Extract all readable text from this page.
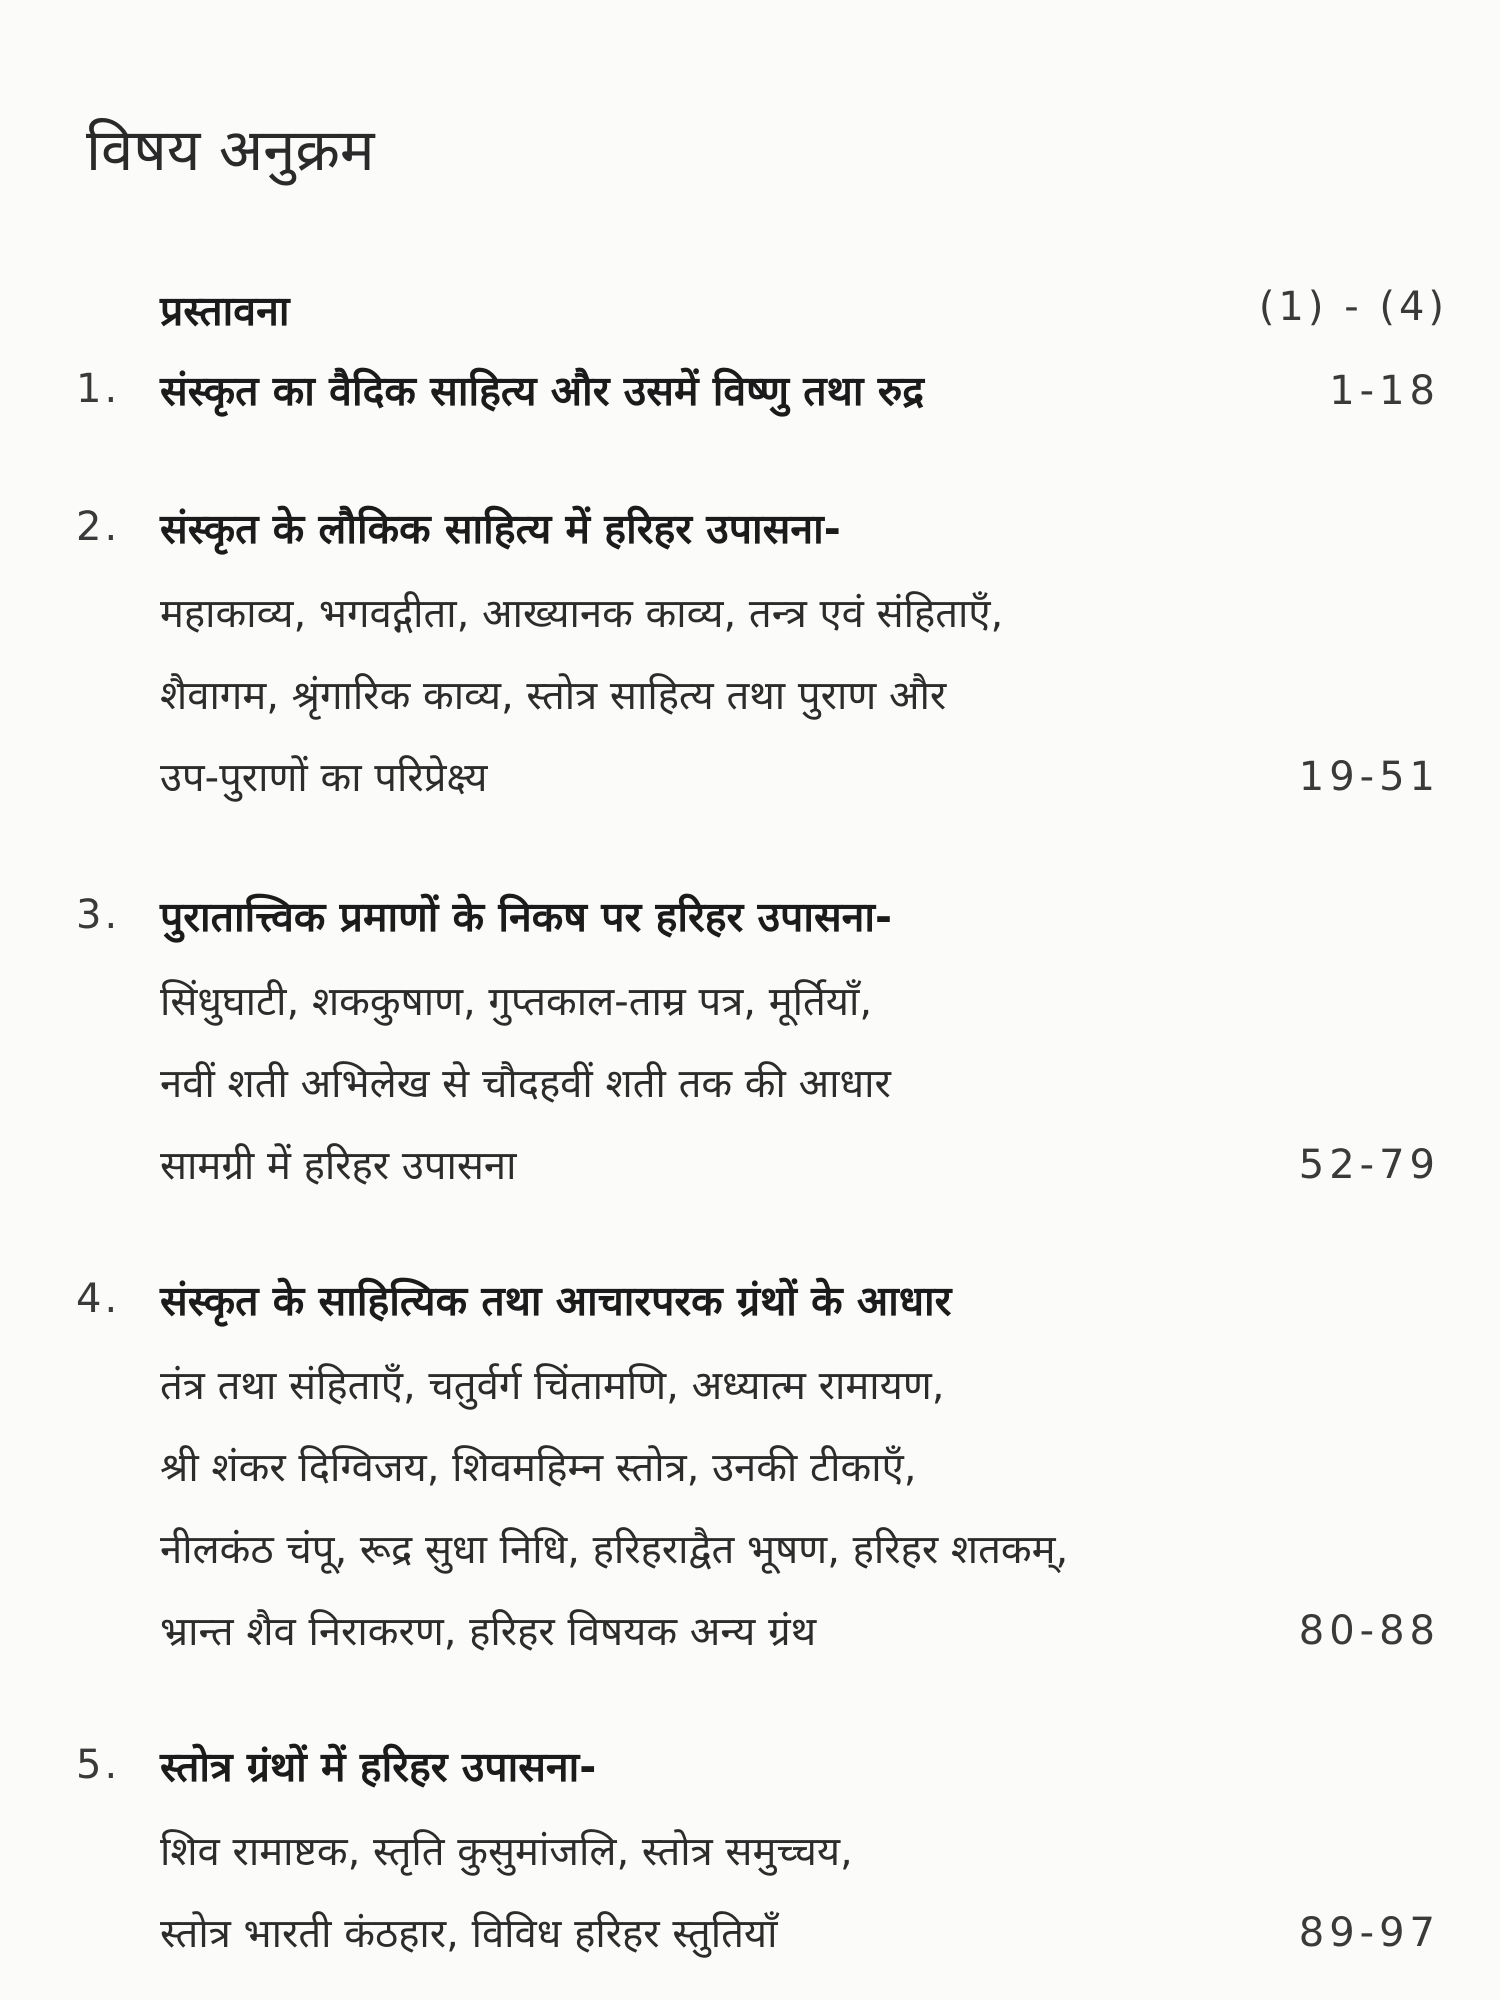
विषय अनुक्रम
प्रस्तावना	(1) - (4)
1. संस्कृत का वैदिक साहित्य और उसमें विष्णु तथा रुद्र	1-18
2. संस्कृत के लौकिक साहित्य में हरिहर उपासना-
महाकाव्य, भगवद्गीता, आख्यानक काव्य, तन्त्र एवं संहिताएँ,
शैवागम, श्रृंगारिक काव्य, स्तोत्र साहित्य तथा पुराण और
उप-पुराणों का परिप्रेक्ष्य	19-51
3. पुरातात्त्विक प्रमाणों के निकष पर हरिहर उपासना-
सिंधुघाटी, शककुषाण, गुप्तकाल-ताम्र पत्र, मूर्तियाँ,
नवीं शती अभिलेख से चौदहवीं शती तक की आधार
सामग्री में हरिहर उपासना	52-79
4. संस्कृत के साहित्यिक तथा आचारपरक ग्रंथों के आधार
तंत्र तथा संहिताएँ, चतुर्वर्ग चिंतामणि, अध्यात्म रामायण,
श्री शंकर दिग्विजय, शिवमहिम्न स्तोत्र, उनकी टीकाएँ,
नीलकंठ चंपू, रूद्र सुधा निधि, हरिहराद्वैत भूषण, हरिहर शतकम्,
भ्रान्त शैव निराकरण, हरिहर विषयक अन्य ग्रंथ	80-88
5. स्तोत्र ग्रंथों में हरिहर उपासना-
शिव रामाष्टक, स्तृति कुसुमांजलि, स्तोत्र समुच्चय,
स्तोत्र भारती कंठहार, विविध हरिहर स्तुतियाँ	89-97
